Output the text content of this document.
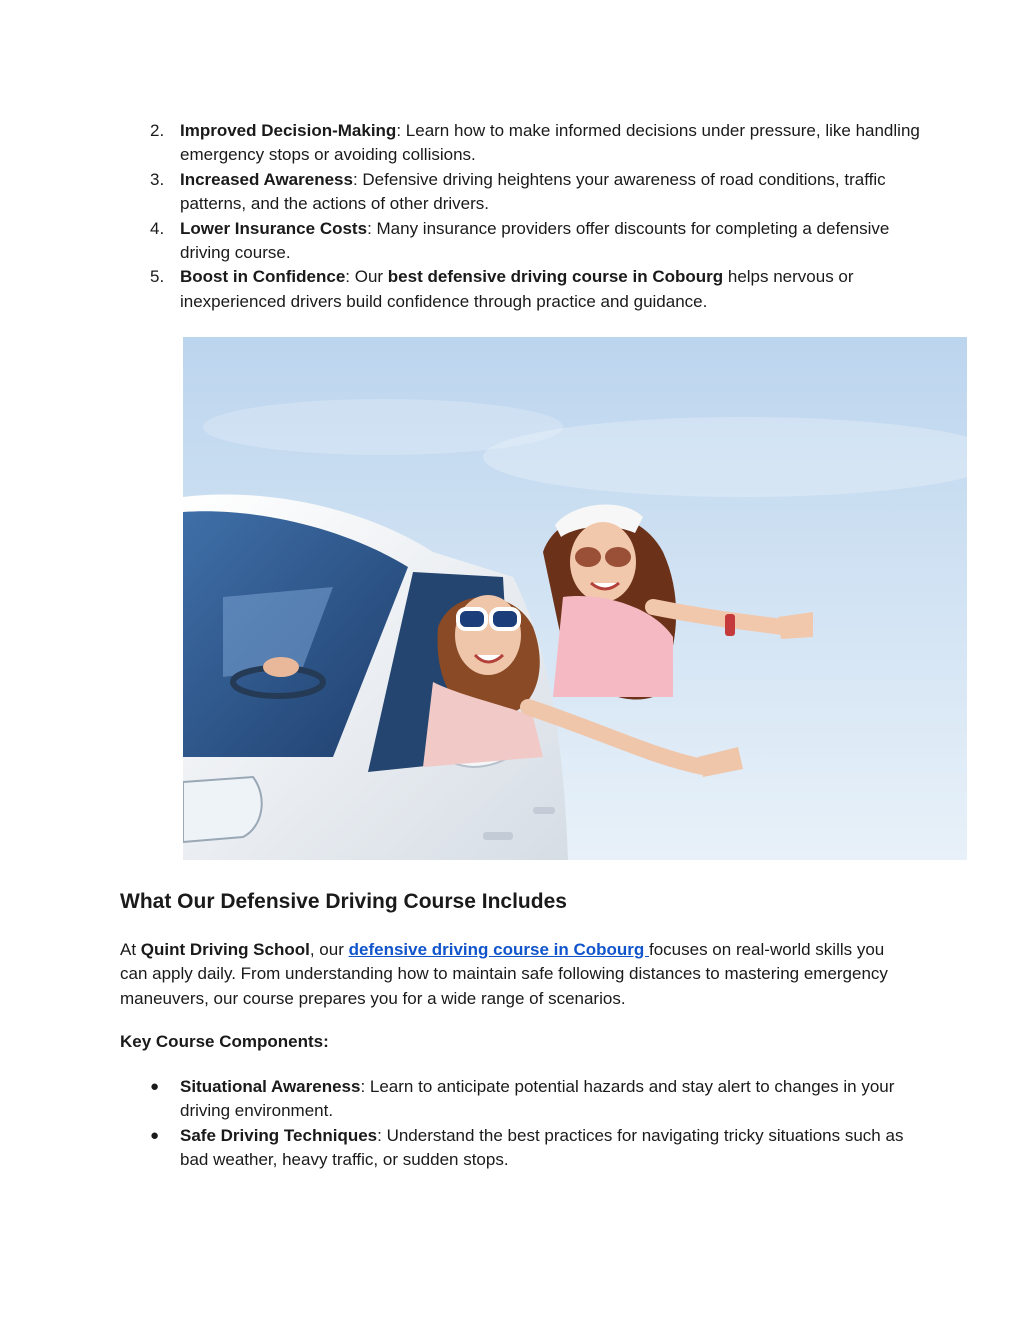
2. Improved Decision-Making: Learn how to make informed decisions under pressure, like handling emergency stops or avoiding collisions.
3. Increased Awareness: Defensive driving heightens your awareness of road conditions, traffic patterns, and the actions of other drivers.
4. Lower Insurance Costs: Many insurance providers offer discounts for completing a defensive driving course.
5. Boost in Confidence: Our best defensive driving course in Cobourg helps nervous or inexperienced drivers build confidence through practice and guidance.
What Our Defensive Driving Course Includes

At Quint Driving School, our defensive driving course in Cobourg focuses on real-world skills you can apply daily. From understanding how to maintain safe following distances to mastering emergency maneuvers, our course prepares you for a wide range of scenarios.

Key Course Components:

● Situational Awareness: Learn to anticipate potential hazards and stay alert to changes in your driving environment.
● Safe Driving Techniques: Understand the best practices for navigating tricky situations such as bad weather, heavy traffic, or sudden stops.
